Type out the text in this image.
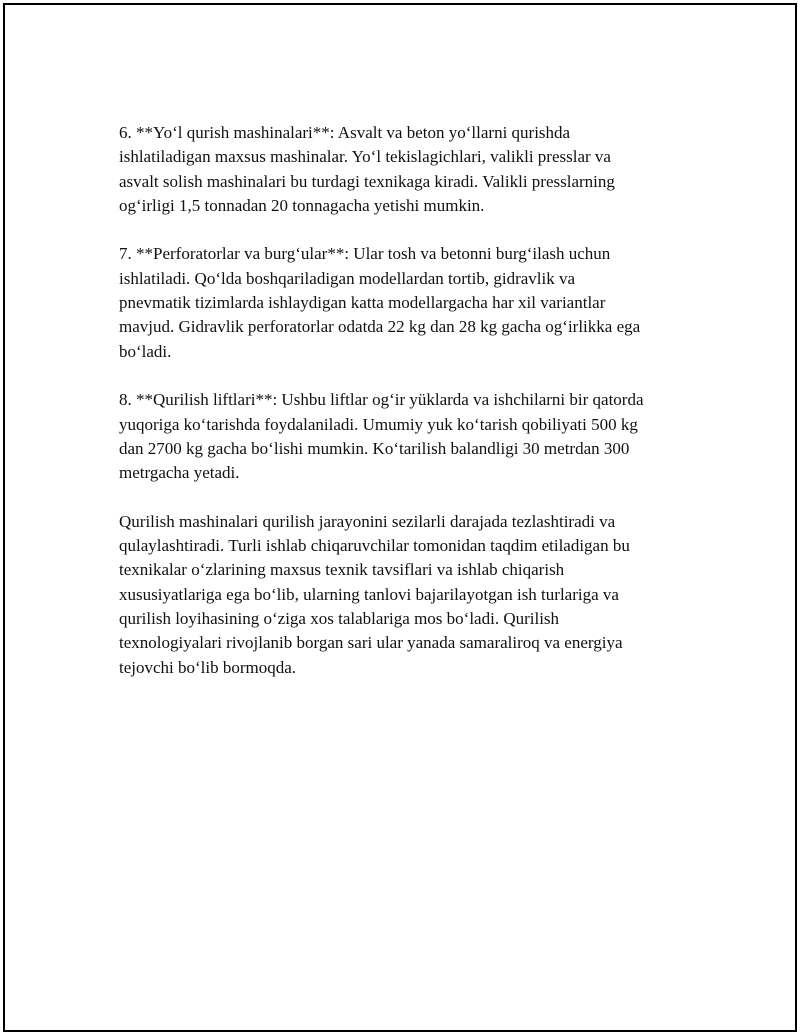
6. **Yo‘l qurish mashinalari**: Asvalt va beton yo‘llarni qurishda
ishlatiladigan maxsus mashinalar. Yo‘l tekislagichlari, valikli presslar va
asvalt solish mashinalari bu turdagi texnikaga kiradi. Valikli presslarning
og‘irligi 1,5 tonnadan 20 tonnagacha yetishi mumkin.

7. **Perforatorlar va burg‘ular**: Ular tosh va betonni burg‘ilash uchun
ishlatiladi. Qo‘lda boshqariladigan modellardan tortib, gidravlik va
pnevmatik tizimlarda ishlaydigan katta modellargacha har xil variantlar
mavjud. Gidravlik perforatorlar odatda 22 kg dan 28 kg gacha og‘irlikka ega
bo‘ladi.

8. **Qurilish liftlari**: Ushbu liftlar og‘ir yüklarda va ishchilarni bir qatorda
yuqoriga ko‘tarishda foydalaniladi. Umumiy yuk ko‘tarish qobiliyati 500 kg
dan 2700 kg gacha bo‘lishi mumkin. Ko‘tarilish balandligi 30 metrdan 300
metrgacha yetadi.

Qurilish mashinalari qurilish jarayonini sezilarli darajada tezlashtiradi va
qulaylashtiradi. Turli ishlab chiqaruvchilar tomonidan taqdim etiladigan bu
texnikalar o‘zlarining maxsus texnik tavsiflari va ishlab chiqarish
xususiyatlariga ega bo‘lib, ularning tanlovi bajarilayotgan ish turlariga va
qurilish loyihasining o‘ziga xos talablariga mos bo‘ladi. Qurilish
texnologiyalari rivojlanib borgan sari ular yanada samaraliroq va energiya
tejovchi bo‘lib bormoqda.
